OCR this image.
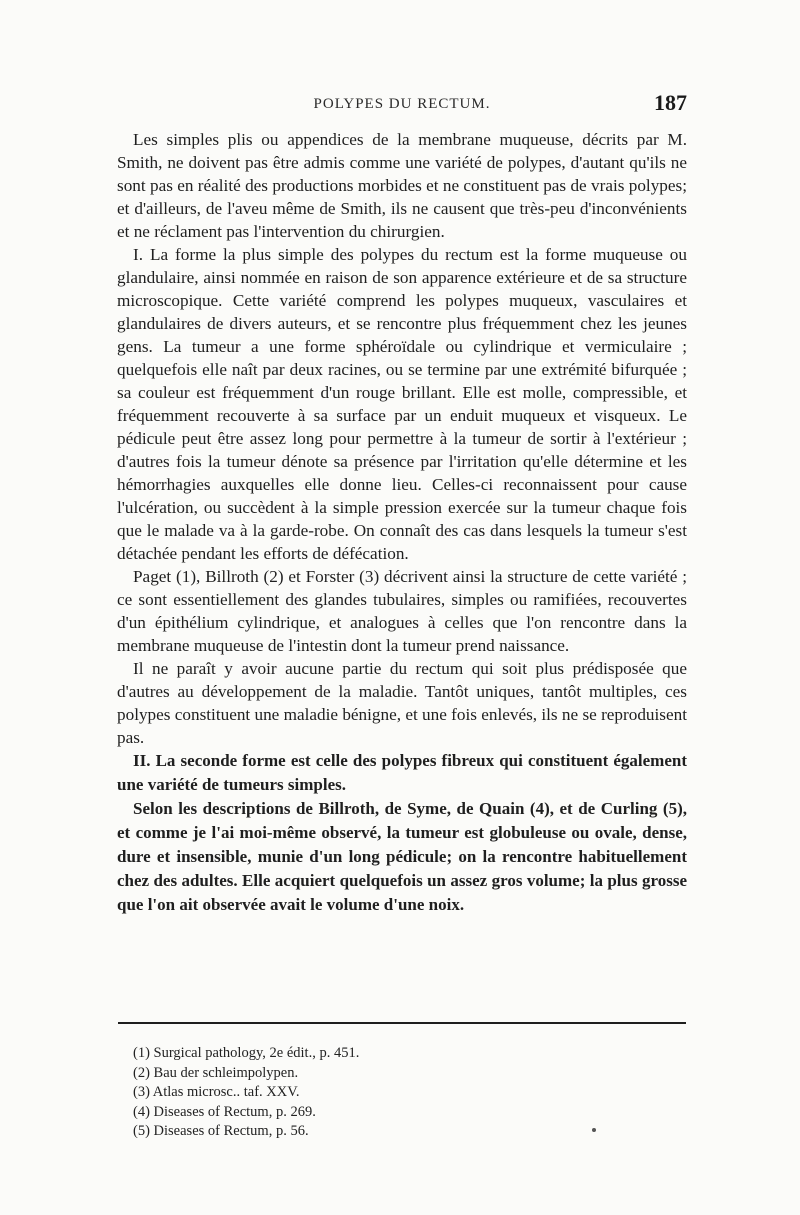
POLYPES DU RECTUM.	187

Les simples plis ou appendices de la membrane muqueuse, décrits par M. Smith, ne doivent pas être admis comme une variété de polypes, d'autant qu'ils ne sont pas en réalité des productions morbides et ne constituent pas de vrais polypes; et d'ailleurs, de l'aveu même de Smith, ils ne causent que très-peu d'inconvénients et ne réclament pas l'intervention du chirurgien.

I. La forme la plus simple des polypes du rectum est la forme muqueuse ou glandulaire, ainsi nommée en raison de son apparence extérieure et de sa structure microscopique. Cette variété comprend les polypes muqueux, vasculaires et glandulaires de divers auteurs, et se rencontre plus fréquemment chez les jeunes gens. La tumeur a une forme sphéroïdale ou cylindrique et vermiculaire ; quelquefois elle naît par deux racines, ou se termine par une extrémité bifurquée ; sa couleur est fréquemment d'un rouge brillant. Elle est molle, compressible, et fréquemment recouverte à sa surface par un enduit muqueux et visqueux. Le pédicule peut être assez long pour permettre à la tumeur de sortir à l'extérieur ; d'autres fois la tumeur dénote sa présence par l'irritation qu'elle détermine et les hémorrhagies auxquelles elle donne lieu. Celles-ci reconnaissent pour cause l'ulcération, ou succèdent à la simple pression exercée sur la tumeur chaque fois que le malade va à la garde-robe. On connaît des cas dans lesquels la tumeur s'est détachée pendant les efforts de défécation.

Paget (1), Billroth (2) et Forster (3) décrivent ainsi la structure de cette variété ; ce sont essentiellement des glandes tubulaires, simples ou ramifiées, recouvertes d'un épithélium cylindrique, et analogues à celles que l'on rencontre dans la membrane muqueuse de l'intestin dont la tumeur prend naissance.

Il ne paraît y avoir aucune partie du rectum qui soit plus prédisposée que d'autres au développement de la maladie. Tantôt uniques, tantôt multiples, ces polypes constituent une maladie bénigne, et une fois enlevés, ils ne se reproduisent pas.

II. La seconde forme est celle des polypes fibreux qui constituent également une variété de tumeurs simples.

Selon les descriptions de Billroth, de Syme, de Quain (4), et de Curling (5), et comme je l'ai moi-même observé, la tumeur est globuleuse ou ovale, dense, dure et insensible, munie d'un long pédicule; on la rencontre habituellement chez des adultes. Elle acquiert quelquefois un assez gros volume; la plus grosse que l'on ait observée avait le volume d'une noix.

(1) Surgical pathology, 2e édit., p. 451.
(2) Bau der schleimpolypen.
(3) Atlas microsc.. taf. XXV.
(4) Diseases of Rectum, p. 269.
(5) Diseases of Rectum, p. 56.
